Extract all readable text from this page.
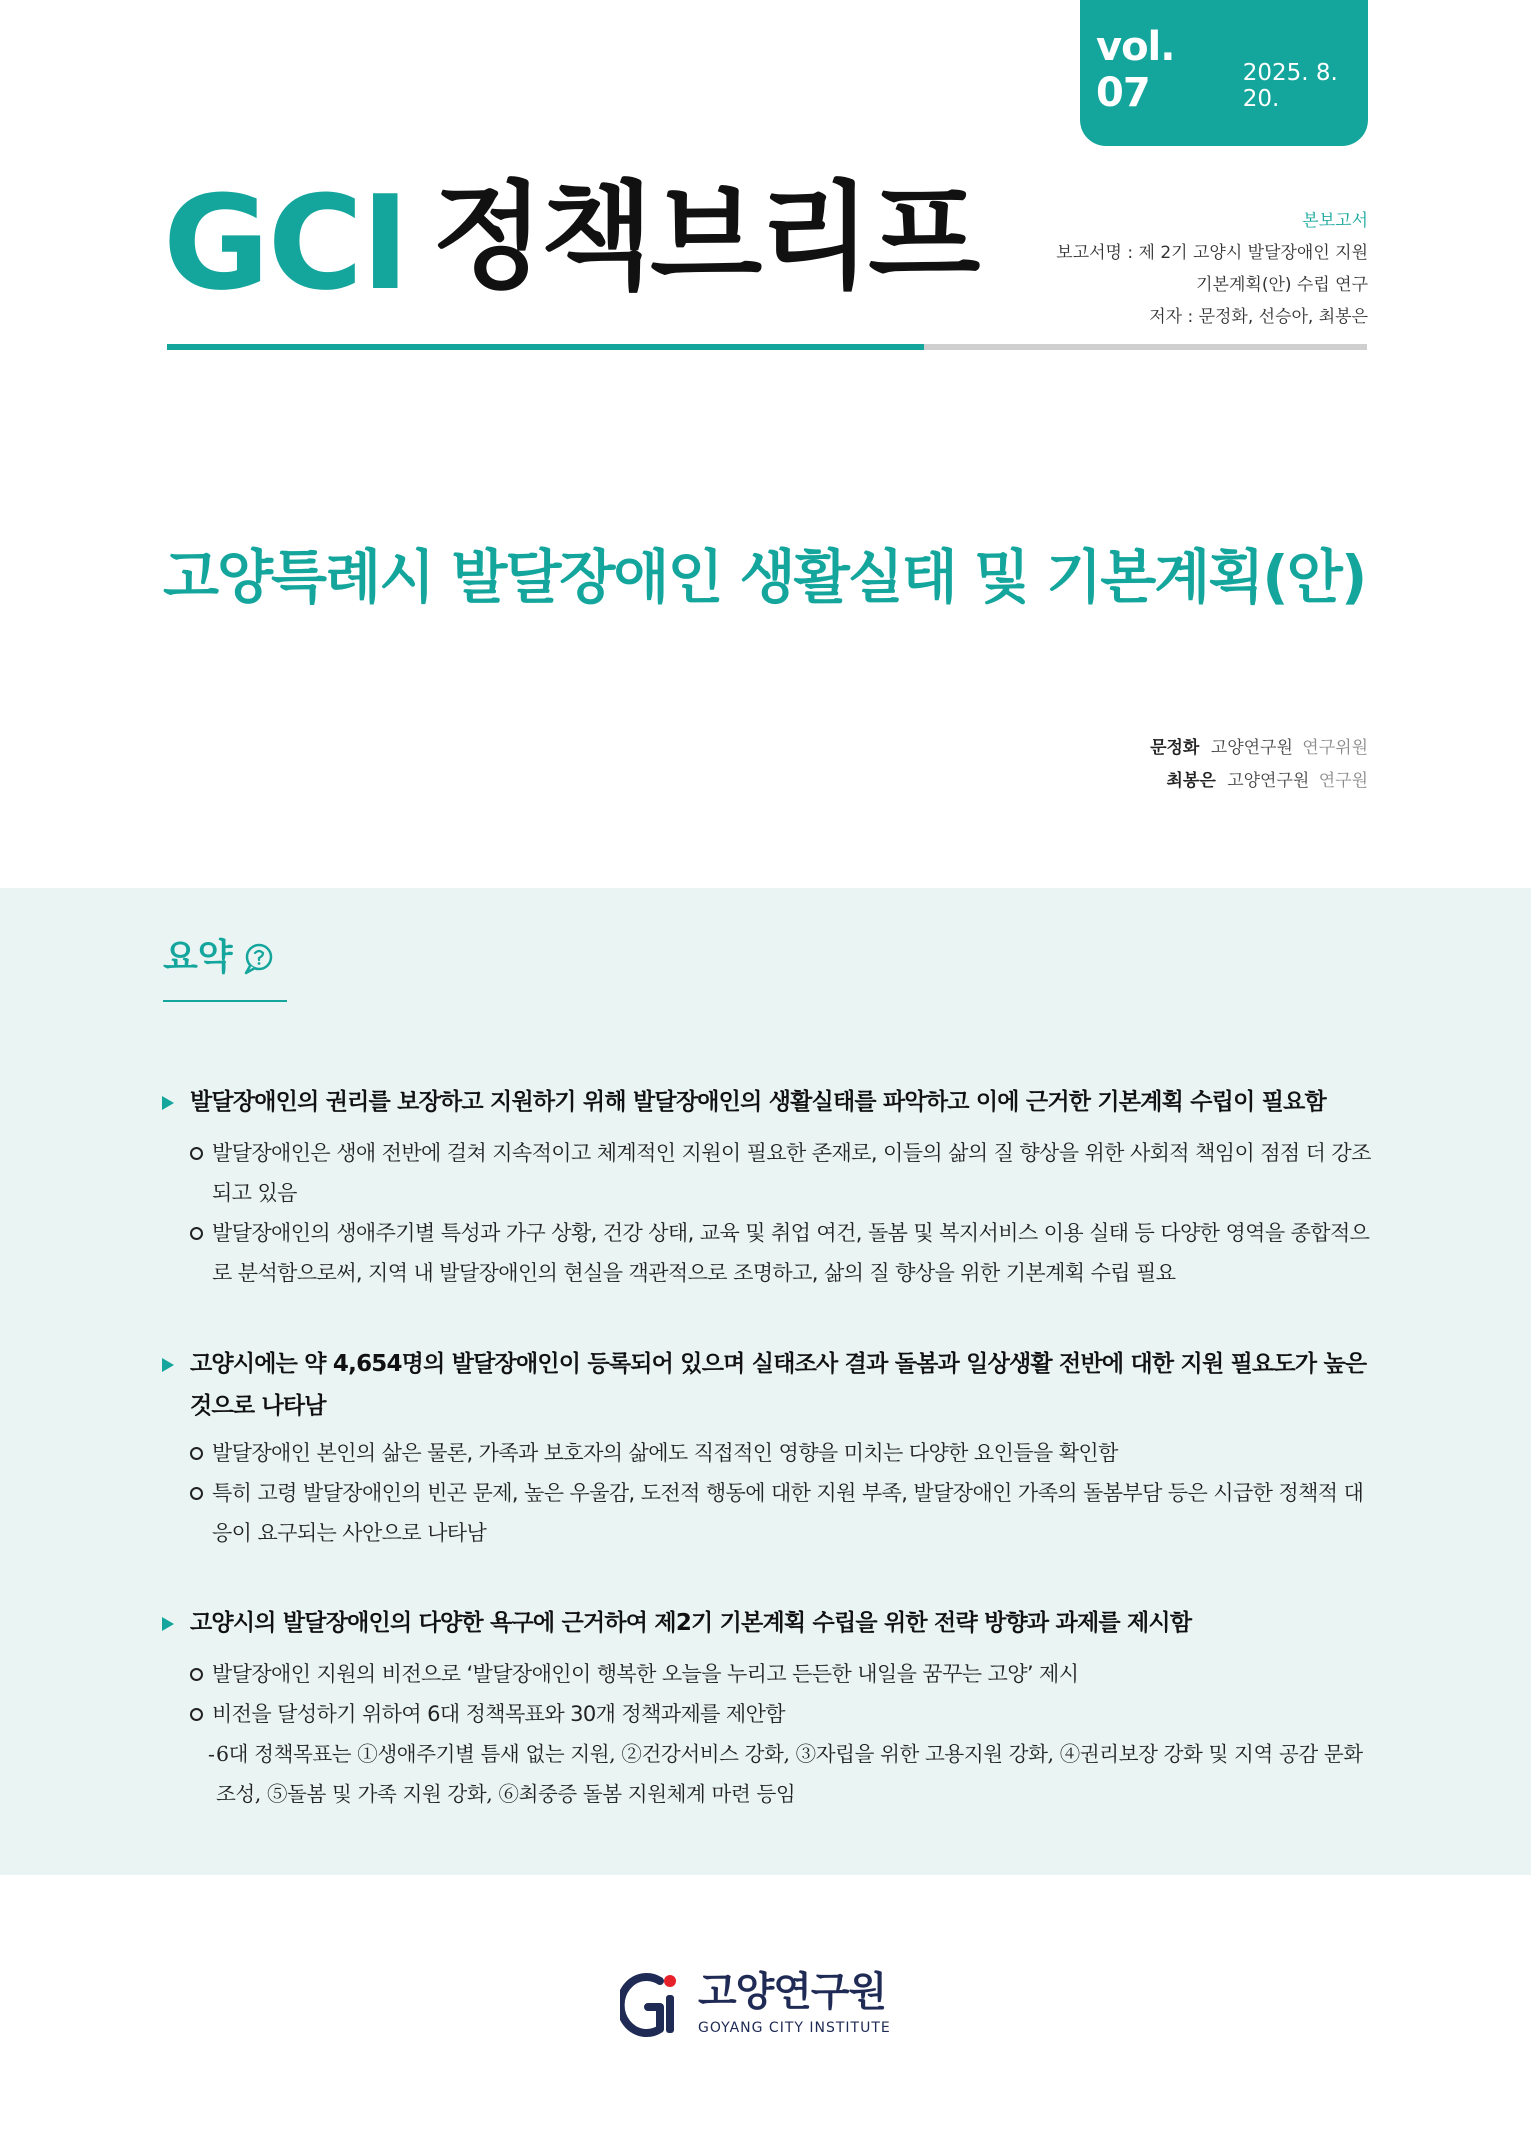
vol. 07	2025. 8. 20.
GCI 정책브리프	본보고서
보고서명 : 제 2기 고양시 발달장애인 지원
기본계획(안) 수립 연구
저자 : 문정화, 선승아, 최봉은
고양특례시 발달장애인 생활실태 및 기본계획(안)
문정화 고양연구원 연구위원
최봉은 고양연구원 연구원
요약
발달장애인의 권리를 보장하고 지원하기 위해 발달장애인의 생활실태를 파악하고 이에 근거한 기본계획 수립이 필요함
발달장애인은 생애 전반에 걸쳐 지속적이고 체계적인 지원이 필요한 존재로, 이들의 삶의 질 향상을 위한 사회적 책임이 점점 더 강조되고 있음
발달장애인의 생애주기별 특성과 가구 상황, 건강 상태, 교육 및 취업 여건, 돌봄 및 복지서비스 이용 실태 등 다양한 영역을 종합적으로 분석함으로써, 지역 내 발달장애인의 현실을 객관적으로 조명하고, 삶의 질 향상을 위한 기본계획 수립 필요
고양시에는 약 4,654명의 발달장애인이 등록되어 있으며 실태조사 결과 돌봄과 일상생활 전반에 대한 지원 필요도가 높은 것으로 나타남
발달장애인 본인의 삶은 물론, 가족과 보호자의 삶에도 직접적인 영향을 미치는 다양한 요인들을 확인함
특히 고령 발달장애인의 빈곤 문제, 높은 우울감, 도전적 행동에 대한 지원 부족, 발달장애인 가족의 돌봄부담 등은 시급한 정책적 대응이 요구되는 사안으로 나타남
고양시의 발달장애인의 다양한 욕구에 근거하여 제2기 기본계획 수립을 위한 전략 방향과 과제를 제시함
발달장애인 지원의 비전으로 ‘발달장애인이 행복한 오늘을 누리고 든든한 내일을 꿈꾸는 고양’ 제시
비전을 달성하기 위하여 6대 정책목표와 30개 정책과제를 제안함
- 6대 정책목표는 ①생애주기별 틈새 없는 지원, ②건강서비스 강화, ③자립을 위한 고용지원 강화, ④권리보장 강화 및 지역 공감 문화 조성, ⑤돌봄 및 가족 지원 강화, ⑥최중증 돌봄 지원체계 마련 등임
고양연구원
GOYANG CITY INSTITUTE
